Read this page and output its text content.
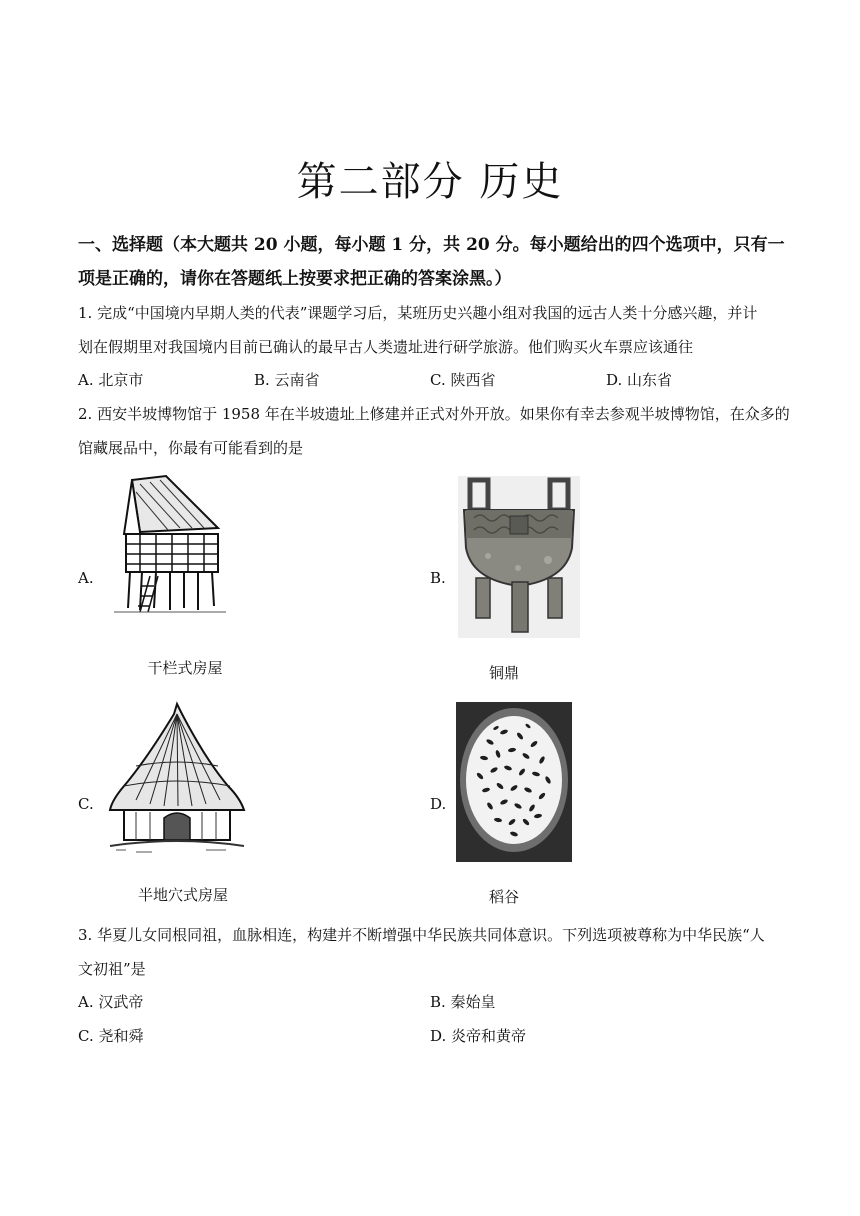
第二部分 历史
一、选择题（本大题共 20 小题，每小题 1 分，共 20 分。每小题给出的四个选项中，只有一
项是正确的，请你在答题纸上按要求把正确的答案涂黑。）
1. 完成“中国境内早期人类的代表”课题学习后，某班历史兴趣小组对我国的远古人类十分感兴趣，并计
划在假期里对我国境内目前已确认的最早古人类遗址进行研学旅游。他们购买火车票应该通往
A. 北京市	B. 云南省	C. 陕西省	D. 山东省
2. 西安半坡博物馆于 1958 年在半坡遗址上修建并正式对外开放。如果你有幸去参观半坡博物馆，在众多的
馆藏展品中，你最有可能看到的是
A.
干栏式房屋
B.
铜鼎
C.
半地穴式房屋
D.
稻谷
3. 华夏儿女同根同祖，血脉相连，构建并不断增强中华民族共同体意识。下列选项被尊称为中华民族“人
文初祖”是
A. 汉武帝	B. 秦始皇
C. 尧和舜	D. 炎帝和黄帝
